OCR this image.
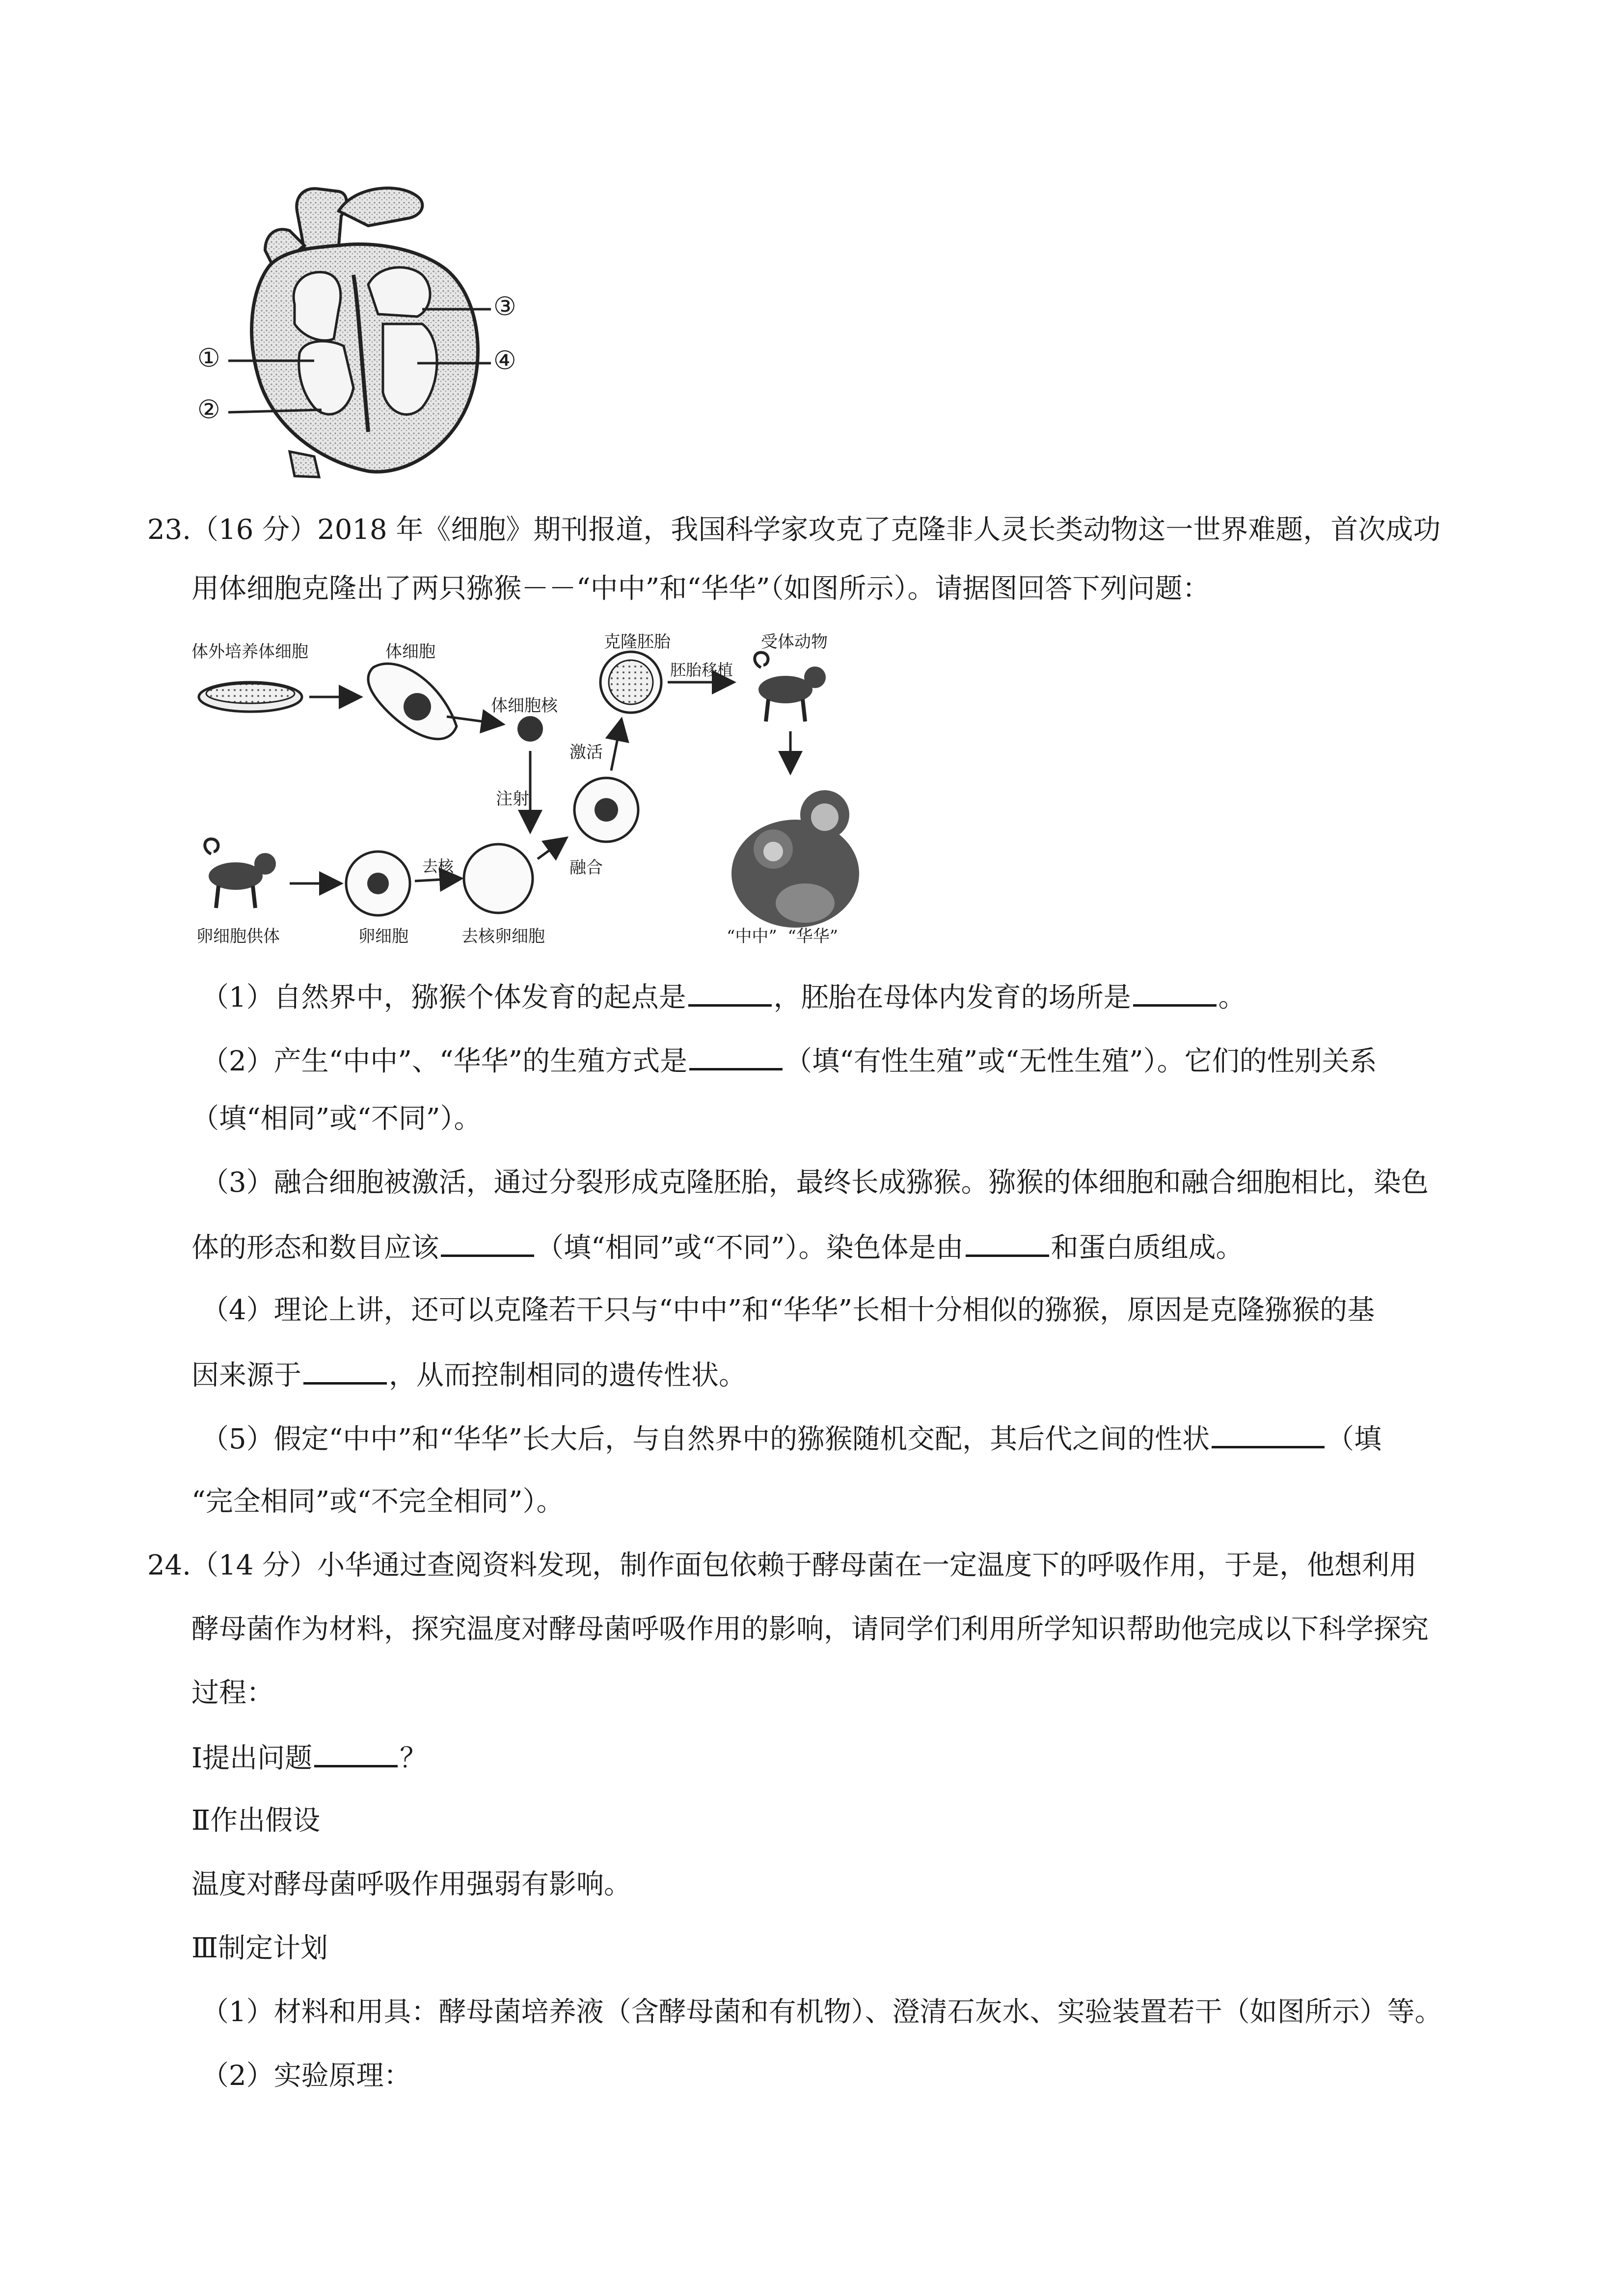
①
②
③
④
23.（16 分）2018 年《细胞》期刊报道，我国科学家攻克了克隆非人灵长类动物这一世界难题，首次成功
用体细胞克隆出了两只猕猴－－“中中”和“华华”（如图所示）。请据图回答下列问题：
体外培养体细胞	体细胞
体细胞核
克隆胚胎
胚胎移植
受体动物
注射
激活
卵细胞供体	卵细胞
去核
去核卵细胞
融合
“中中”  “华华”
（1）自然界中，猕猴个体发育的起点是	，胚胎在母体内发育的场所是	。
（2）产生“中中”、“华华”的生殖方式是	（填“有性生殖”或“无性生殖”）。它们的性别关系
（填“相同”或“不同”）。
（3）融合细胞被激活，通过分裂形成克隆胚胎，最终长成猕猴。猕猴的体细胞和融合细胞相比，染色
体的形态和数目应该	（填“相同”或“不同”）。染色体是由	和蛋白质组成。
（4）理论上讲，还可以克隆若干只与“中中”和“华华”长相十分相似的猕猴，原因是克隆猕猴的基
因来源于	，从而控制相同的遗传性状。
（5）假定“中中”和“华华”长大后，与自然界中的猕猴随机交配，其后代之间的性状	（填
“完全相同”或“不完全相同”）。
24.（14 分）小华通过查阅资料发现，制作面包依赖于酵母菌在一定温度下的呼吸作用，于是，他想利用
酵母菌作为材料，探究温度对酵母菌呼吸作用的影响，请同学们利用所学知识帮助他完成以下科学探究
过程：
Ⅰ提出问题	？
Ⅱ作出假设
温度对酵母菌呼吸作用强弱有影响。
Ⅲ制定计划
（1）材料和用具：酵母菌培养液（含酵母菌和有机物）、澄清石灰水、实验装置若干（如图所示）等。
（2）实验原理：
